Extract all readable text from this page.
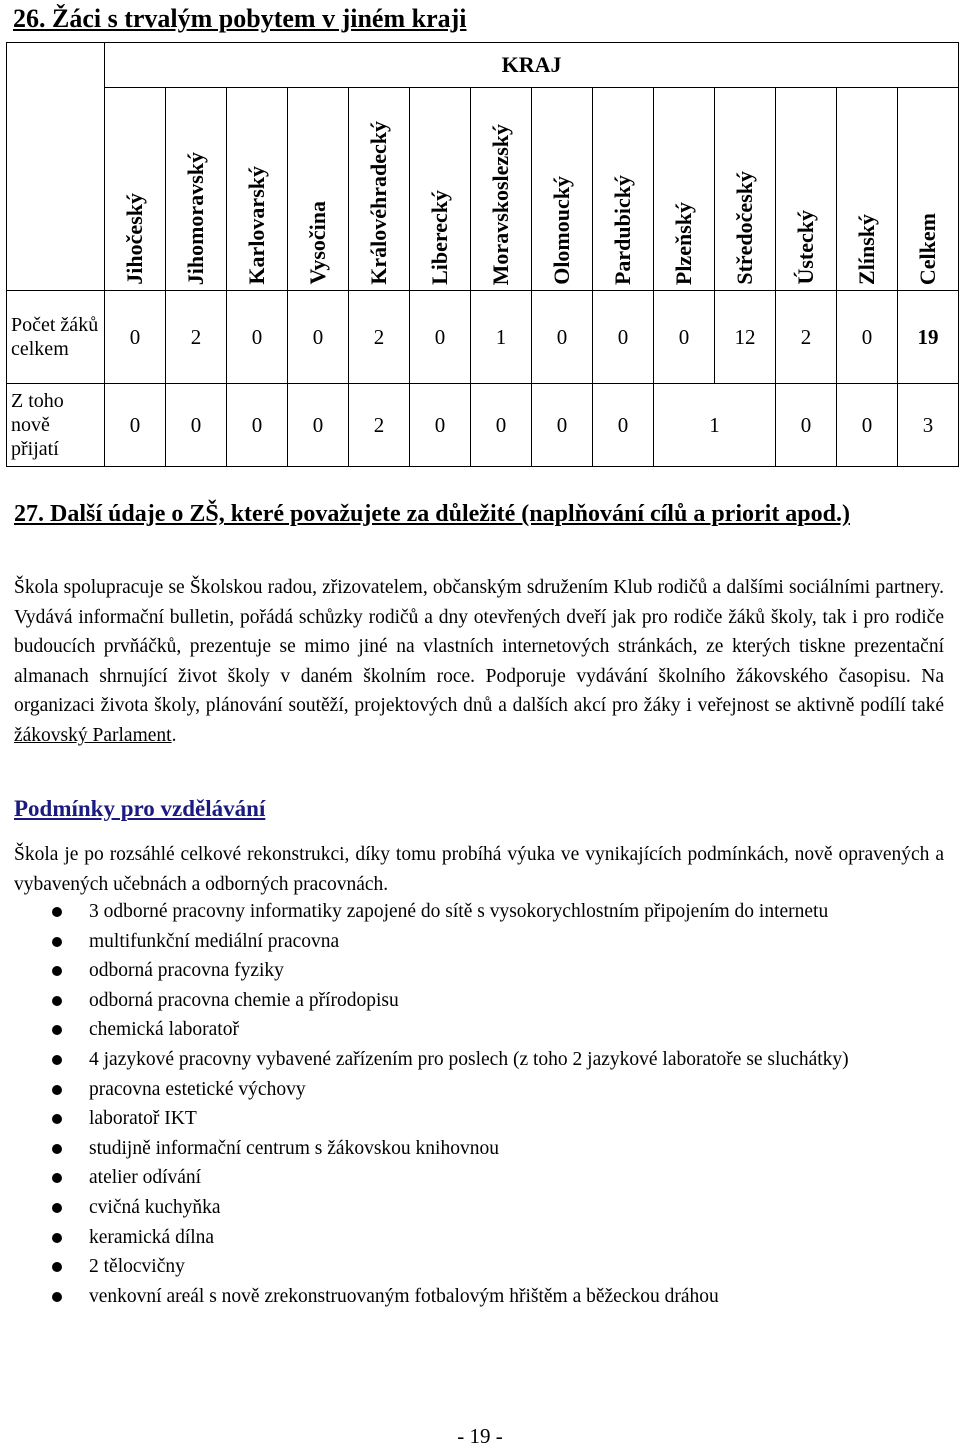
26. Žáci s trvalým pobytem v jiném kraji
	KRAJ													
	Jihočeský	Jihomoravský	Karlovarský	Vysočina	Královéhradecký	Liberecký	Moravskoslezský	Olomoucký	Pardubický	Plzeňský	Středočeský	Ústecký	Zlínský	Celkem
Počet žáků celkem	0	2	0	0	2	0	1	0	0	0	12	2	0	19
Z toho nově přijatí	0	0	0	0	2	0	0	0	0	1		0	0	3
27. Další údaje o ZŠ, které považujete za důležité (naplňování cílů a priorit apod.)

Škola spolupracuje se Školskou radou, zřizovatelem, občanským sdružením Klub rodičů a dalšími sociálními partnery. Vydává informační bulletin, pořádá schůzky rodičů a dny otevřených dveří jak pro rodiče žáků školy, tak i pro rodiče budoucích prvňáčků, prezentuje se mimo jiné na vlastních internetových stránkách, ze kterých tiskne prezentační almanach shrnující život školy v daném školním roce. Podporuje vydávání školního žákovského časopisu. Na organizaci života školy, plánování soutěží, projektových dnů a dalších akcí pro žáky i veřejnost se aktivně podílí také žákovský Parlament.

Podmínky pro vzdělávání

Škola je po rozsáhlé celkové rekonstrukci, díky tomu probíhá výuka ve vynikajících podmínkách, nově opravených a vybavených učebnách a odborných pracovnách.

3 odborné pracovny informatiky zapojené do sítě s vysokorychlostním připojením do internetu
multifunkční mediální pracovna
odborná pracovna fyziky
odborná pracovna chemie a přírodopisu
chemická laboratoř
4 jazykové pracovny vybavené zařízením pro poslech (z toho 2 jazykové laboratoře se sluchátky)
pracovna estetické výchovy
laboratoř IKT
studijně informační centrum s žákovskou knihovnou
atelier odívání
cvičná kuchyňka
keramická dílna
2 tělocvičny
venkovní areál s nově zrekonstruovaným fotbalovým hřištěm a běžeckou dráhou
- 19 -
